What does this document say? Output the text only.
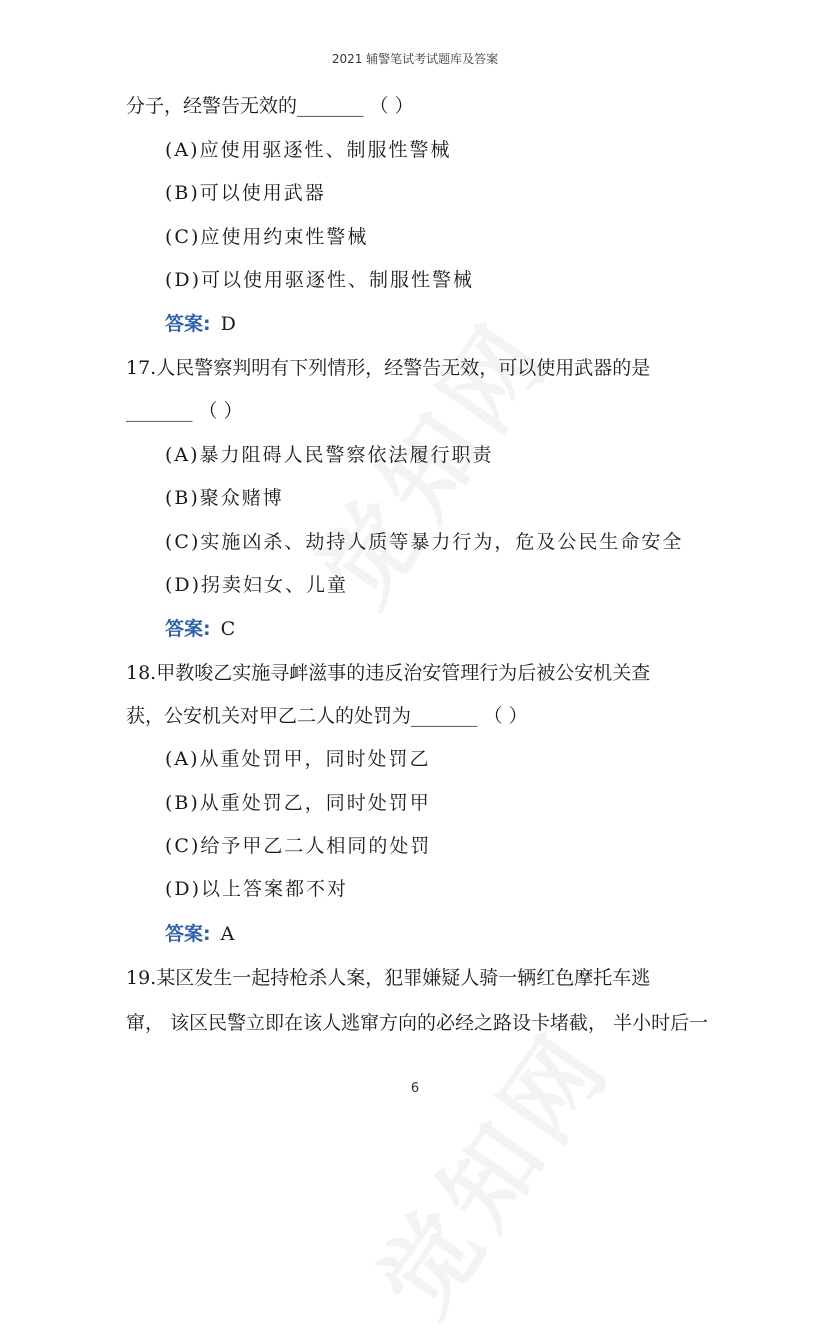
2021 辅警笔试考试题库及答案
分子，经警告无效的_______ （ ）
(A)应使用驱逐性、制服性警械
(B)可以使用武器
(C)应使用约束性警械
(D)可以使用驱逐性、制服性警械
答案: D
17.人民警察判明有下列情形，经警告无效，可以使用武器的是
_______ （ ）
(A)暴力阻碍人民警察依法履行职责
(B)聚众赌博
(C)实施凶杀、劫持人质等暴力行为，危及公民生命安全
(D)拐卖妇女、儿童
答案: C
18.甲教唆乙实施寻衅滋事的违反治安管理行为后被公安机关查
获，公安机关对甲乙二人的处罚为_______ （ ）
(A)从重处罚甲，同时处罚乙
(B)从重处罚乙，同时处罚甲
(C)给予甲乙二人相同的处罚
(D)以上答案都不对
答案: A
19.某区发生一起持枪杀人案，犯罪嫌疑人骑一辆红色摩托车逃
窜， 该区民警立即在该人逃窜方向的必经之路设卡堵截， 半小时后一
6
